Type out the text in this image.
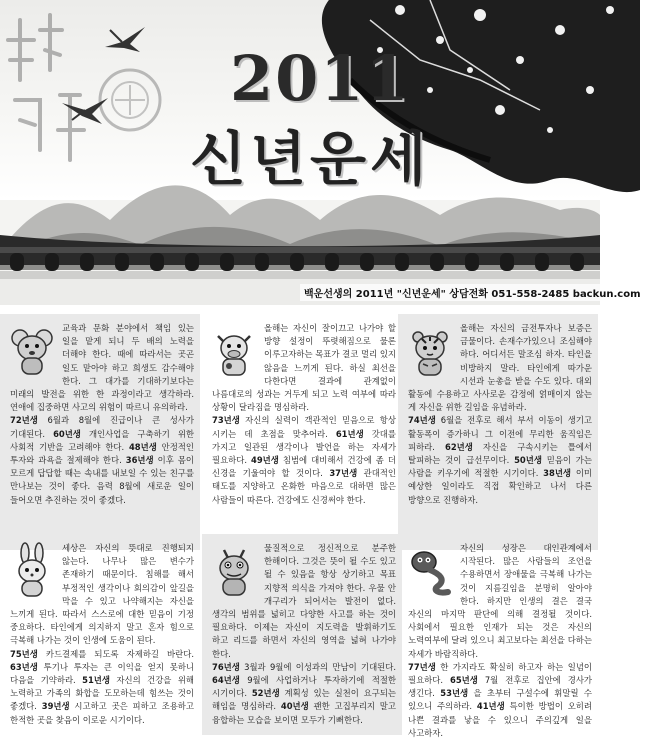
2011
신년운세
백운선생의 2011년 "신년운세" 상담전화 051-558-2485 backun.com
교육과 문화 분야에서 책임 있는 일을 맡게 되니 두 배의 노력을 더해야 한다. 때에 따라서는 곳곤 일도 맡아야 하고 희생도 감수해야 한다. 그 대가를 기대하기보다는 미래의 발전을 위한 한 과정이라고 생각하라. 연애에 집중하면 사고의 위험이 따르니 유의하라.
72년생 6월과 8월에 진급이나 큰 성사가 기대된다. 60년생 개인사업을 구축하기 위한 사회적 기반을 고려해야 한다. 48년생 안정적인 투자와 과욕을 절제해야 한다. 36년생 이후 몸이 모르게 답답할 때는 속내를 내보일 수 있는 친구를 만나보는 것이 좋다. 음력 8월에 새로운 일이 들어오면 추진하는 것이 좋겠다.
올해는 자신이 잘이끄고 나가야 할 방향 설정이 뚜렷해짐으로 물론 이루고자하는 목표가 결코 멀리 있지 않음을 느끼게 된다. 하실 최선을 다한다면 결과에 관계없이 나름대로의 성과는 거두게 되고 노력 여부에 따라 상황이 달라짐을 명심하라.
73년생 자신의 실력이 객관적인 믿음으로 항상 시키는 데 초점을 맞추어라. 61년생 갓대를 가지고 일관된 생각이나 발언을 하는 자세가 필요하다. 49년생 침범에 대비해서 건강에 좀 더 신경을 기울여야 할 것이다. 37년생 관대적인 태도를 지양하고 온화한 마음으로 대하면 많은 사람들이 따른다. 건강에도 신경써야 한다.
올해는 자신의 금전투자나 보증은 금물이다. 손재수가있으니 조심해야 하다. 어디서든 말조심 하자. 타인을 비방하지 말라. 타인에게 따가운 시선과 눈총을 받을 수도 있다. 대외 활동에 수용하고 사사로운 감정에 얽매이지 않는 게 자신을 위한 길임을 유념하라.
74년생 6월을 전후로 해서 부서 이동이 생기고 활동폭이 증가하니 그 이전에 무리한 움직임은 피하라. 62년생 자신을 구속시키는 틀에서 탈피하는 것이 급선무이다. 50년생 믿음이 가는 사람을 키우기에 적절한 시기이다. 38년생 이미 예상한 일이라도 직접 확인하고 나서 다른 방향으로 진행하자.
세상은 자신의 뜻대로 진행되지 않는다. 나무나 많은 변수가 존재하기 때문이다. 침해를 해서 부정적인 생각이나 회의감이 앞길을 막을 수 있고 나약해지는 자신을 느끼게 된다. 따라서 스스로에 대한 믿음이 기정 중요하다. 타인에게 의지하지 말고 혼자 힘으로 극복해 나가는 것이 인생에 도움이 된다.
75년생 카드결제를 되도록 자제하길 바란다. 63년생 투기나 투자는 큰 이익을 얻지 못하니 다음을 기약하라. 51년생 자신의 건강을 위해 노력하고 가족의 화합을 도모하는데 힘쓰는 것이 좋겠다. 39년생 시고하고 곳은 피하고 조용하고 한적한 곳을 찾음이 이로운 시기이다.
물질적으로 정신적으로 분주한 한해이다. 그것은 뜻이 될 수도 있고 될 수 있음을 항상 상기하고 목표 지향적 의식을 가져야 한다. 우물 안 개구리가 되어서는 발전이 없다. 생각의 범위를 넓히고 다양한 사고를 하는 것이 필요하다. 이제는 자신이 지도력을 발휘하기도 하고 리드를 하면서 자신의 영역을 넓혀 나가야 한다.
76년생 3월과 9월에 이성과의 만남이 기대된다. 64년생 9월에 사업하거나 투자하기에 적절한 시기이다. 52년생 계획성 있는 실천이 요구되는 해임을 명심하라. 40년생 괜한 고집부리지 말고 융합하는 모습을 보이면 모두가 기뻐한다.
자신의 성장은 대인관계에서 시작된다. 많은 사람들의 조언을 수용하면서 장애물을 극복해 나가는 것이 지름길임을 분명히 알아야 한다. 하지만 인생의 결은 결국 자신의 마지막 판단에 의해 결정될 것이다. 사회에서 필요한 인재가 되는 것은 자신의 노력여부에 달려 있으니 최고보다는 최선을 다하는 자세가 바람직하다.
77년생 한 가지라도 확실히 하고자 하는 일념이 필요하다. 65년생 7월 전후로 집안에 경사가 생긴다. 53년생 을 초부터 구설수에 휘말릴 수 있으니 주의하라. 41년생 특이한 방법이 오히려 나쁜 결과를 낳을 수 있으니 주의깊게 일을 사고하자.
